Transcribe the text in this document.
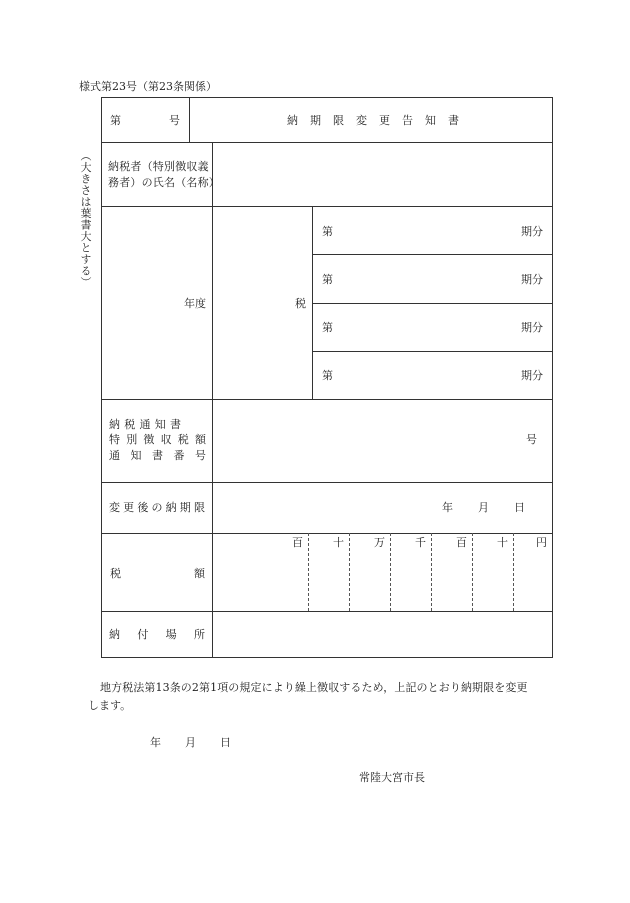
様式第23号（第23条関係）
（大きさは葉書大とする）
第	号	納 期 限 変 更 告 知 書
納税者（特別徴収義
務者）の氏名（名称）
年度	税
第	期分
第	期分
第	期分
第	期分
納 税 通 知 書
特 別 徴 収 税 額
通 知 書 番 号
号
変 更 後 の 納 期 限	年 月 日
税	額
百	十	万	千	百	十	円
納 付 場 所
地方税法第13条の2第1項の規定により繰上徴収するため，上記のとおり納期限を変更
します。
年 月 日
常陸大宮市長
